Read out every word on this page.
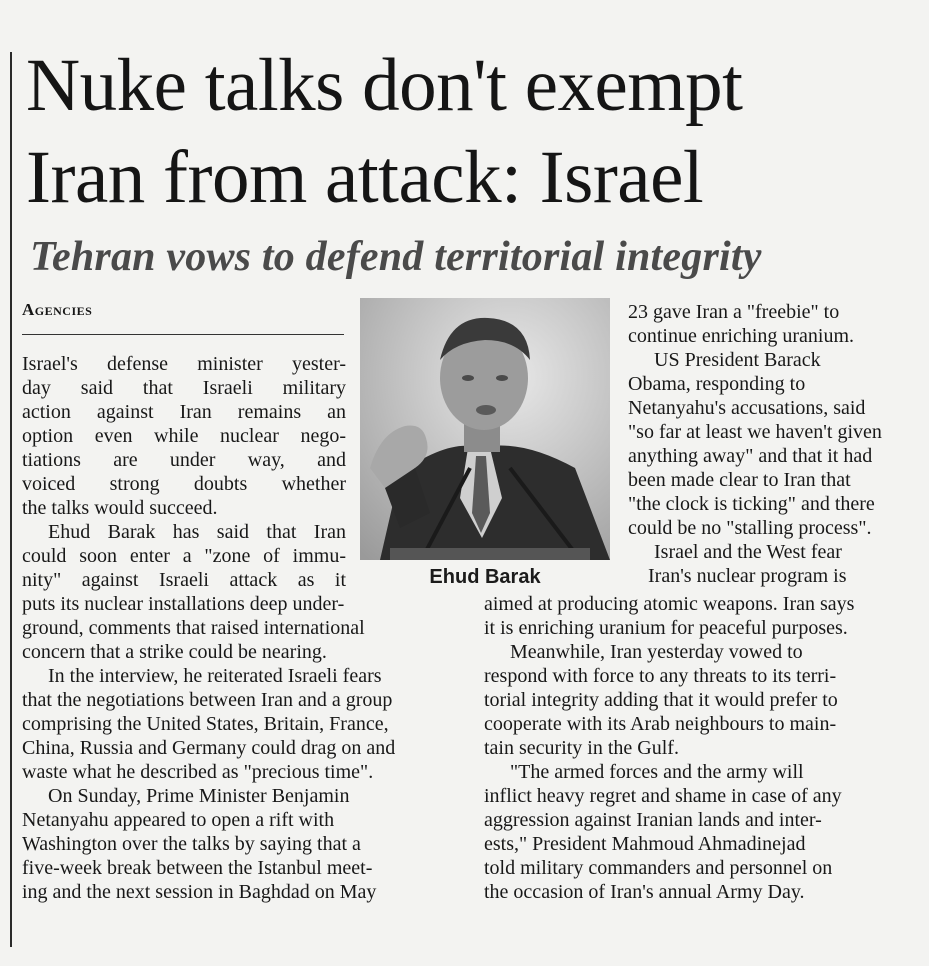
Nuke talks don't exempt
Iran from attack: Israel
Tehran vows to defend territorial integrity
Agencies
Ehud Barak
Israel's defense minister yester-
day said that Israeli military
action against Iran remains an
option even while nuclear nego-
tiations are under way, and
voiced strong doubts whether
the talks would succeed.
Ehud Barak has said that Iran
could soon enter a "zone of immu-
nity" against Israeli attack as it
puts its nuclear installations deep under-
ground, comments that raised international
concern that a strike could be nearing.
In the interview, he reiterated Israeli fears
that the negotiations between Iran and a group
comprising the United States, Britain, France,
China, Russia and Germany could drag on and
waste what he described as "precious time".
On Sunday, Prime Minister Benjamin
Netanyahu appeared to open a rift with
Washington over the talks by saying that a
five-week break between the Istanbul meet-
ing and the next session in Baghdad on May
23 gave Iran a "freebie" to
continue enriching uranium.
US President Barack
Obama, responding to
Netanyahu's accusations, said
"so far at least we haven't given
anything away" and that it had
been made clear to Iran that
"the clock is ticking" and there
could be no "stalling process".
Israel and the West fear
Iran's nuclear program is
aimed at producing atomic weapons. Iran says
it is enriching uranium for peaceful purposes.
Meanwhile, Iran yesterday vowed to
respond with force to any threats to its terri-
torial integrity adding that it would prefer to
cooperate with its Arab neighbours to main-
tain security in the Gulf.
"The armed forces and the army will
inflict heavy regret and shame in case of any
aggression against Iranian lands and inter-
ests," President Mahmoud Ahmadinejad
told military commanders and personnel on
the occasion of Iran's annual Army Day.
